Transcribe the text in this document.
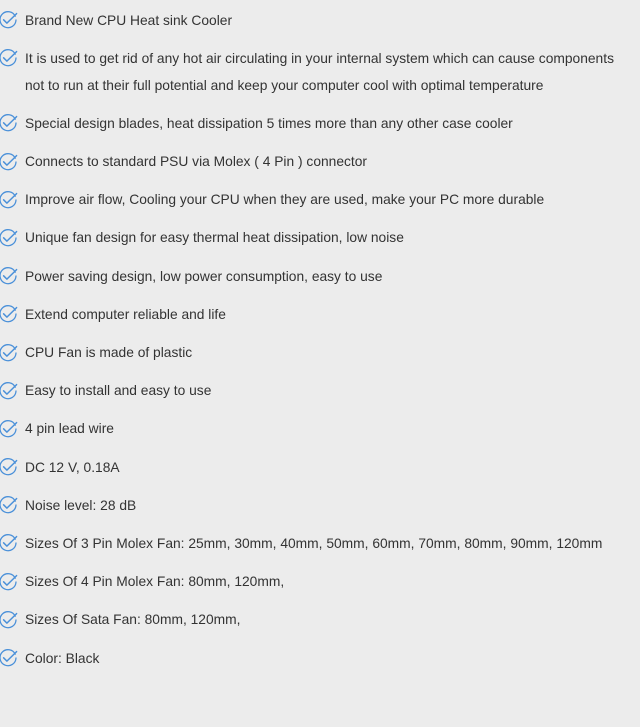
Brand New CPU Heat sink Cooler
It is used to get rid of any hot air circulating in your internal system which can cause components not to run at their full potential and keep your computer cool with optimal temperature
Special design blades, heat dissipation 5 times more than any other case cooler
Connects to standard PSU via Molex ( 4 Pin ) connector
Improve air flow, Cooling your CPU when they are used, make your PC more durable
Unique fan design for easy thermal heat dissipation, low noise
Power saving design, low power consumption, easy to use
Extend computer reliable and life
CPU Fan is made of plastic
Easy to install and easy to use
4 pin lead wire
DC 12 V, 0.18A
Noise level: 28 dB
Sizes Of 3 Pin Molex Fan: 25mm, 30mm, 40mm, 50mm, 60mm, 70mm, 80mm, 90mm, 120mm
Sizes Of 4 Pin Molex Fan: 80mm, 120mm,
Sizes Of Sata Fan: 80mm, 120mm,
Color: Black
